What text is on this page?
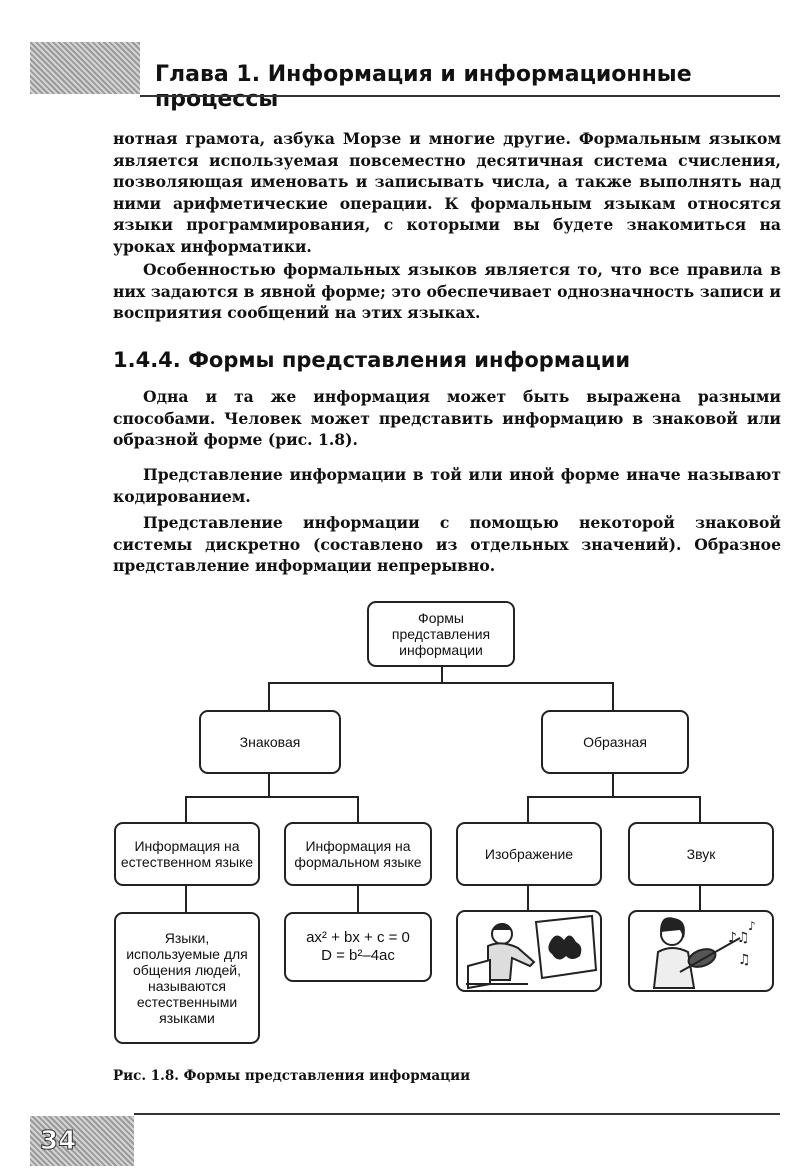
Глава 1. Информация и информационные процессы

нотная грамота, азбука Морзе и многие другие. Формальным языком является используемая повсеместно десятичная система счисления, позволяющая именовать и записывать числа, а также выполнять над ними арифметические операции. К формальным языкам относятся языки программирования, с которыми вы будете знакомиться на уроках информатики.

Особенностью формальных языков является то, что все правила в них задаются в явной форме; это обеспечивает однозначность записи и восприятия сообщений на этих языках.

1.4.4. Формы представления информации

Одна и та же информация может быть выражена разными способами. Человек может представить информацию в знаковой или образной форме (рис. 1.8).

Представление информации в той или иной форме иначе называют кодированием.

Представление информации с помощью некоторой знаковой системы дискретно (составлено из отдельных значений). Образное представление информации непрерывно.

Формы представления информации
Знаковая	Образная
Информация на естественном языке
Информация на формальном языке	Изображение	Звук
Языки, используемые для общения людей, называются естественными языками
ax² + bx + c = 0
D = b²–4ac
♪♫
♫
♪
Рис. 1.8. Формы представления информации
34
